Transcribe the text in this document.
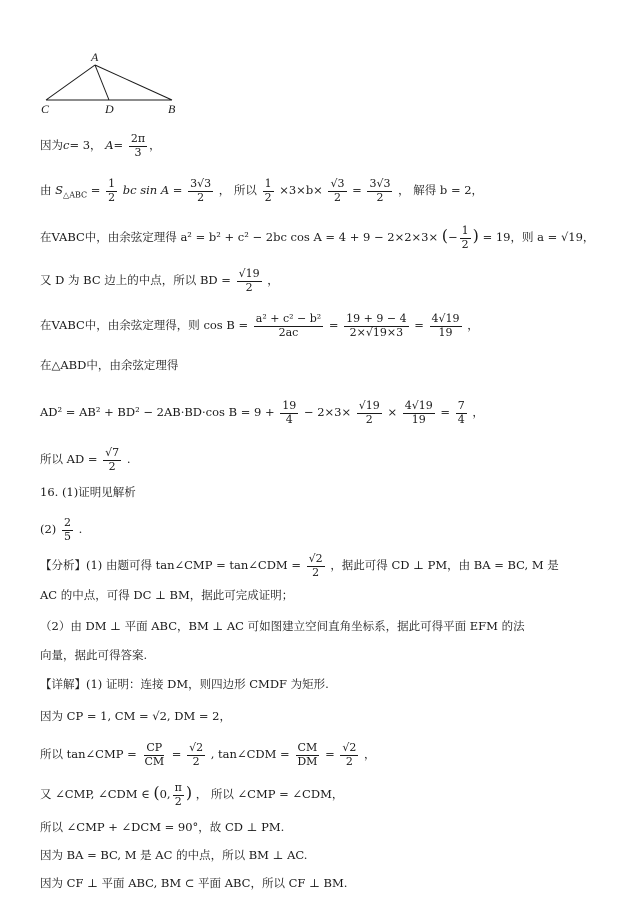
A
C	D	B
因为c= 3， $A= \frac{2\pi}{3}$ ，
由 $S_{\triangle ABC} = \frac{1}{2}$ bc $\sin A = \frac{3√3}{2}$ ， 所以 $\frac{1}{2} \times 3\times b\times \frac{√3}{2} = \frac{3√3}{2}$ ， 解得 b = 2，
在VABC中，由余弦定理得 a² = b² + c² − 2bc cos A = 4 + 9 − 2×2×3× (− $\frac{1}{2}$ ) = 19，则 a = √19，
又 D 为 BC 边上的中点，所以 BD = $\frac{√19}{2}$ ，
在VABC中，由余弦定理得，则 $\cos B = \frac{\text{a² + c² − b²}}{2ac} = \frac{19 + 9 - 4}{2\times√19\times 3} = \frac{4√19}{19}$ ，
在△ABD中，由余弦定理得
AD² = AB² + BD² − 2AB·BD·cos $B = 9 + \frac{19}{4} - 2\times 3\times \frac{√19}{2} \times \frac{4√19}{19} = \frac{7}{4}$ ，
所以 AD = $\frac{√7}{2}$ .
16. (1)证明见解析
$(2) \frac{2}{5}$ .
【分析】(1) 由题可得 tan∠CMP = tan∠CDM = $\frac{√2}{2}$ ，据此可得 CD ⊥ PM，由 BA = BC, M 是
AC 的中点，可得 DC ⊥ BM，据此可完成证明；
（2）由 DM ⊥ 平面 ABC，BM ⊥ AC 可如图建立空间直角坐标系，据此可得平面 EFM 的法
向量，据此可得答案.
【详解】(1) 证明：连接 DM，则四边形 CMDF 为矩形.
因为 CP = 1, CM = √2, DM = 2，
所以 tan∠CMP = $\frac{CP}{CM} = \frac{√2}{2}$ , tan∠CDM = $\frac{CM}{DM} = \frac{√2}{2}$ ，
又 ∠CMP, ∠CDM ∈ (0, $\frac{\pi}{2}$ ) ， 所以 ∠CMP = ∠CDM，
所以 ∠CMP + ∠DCM = 90°，故 CD ⊥ PM.
因为 BA = BC, M 是 AC 的中点，所以 BM ⊥ AC.
因为 CF ⊥ 平面 ABC, BM ⊂ 平面 ABC，所以 CF ⊥ BM.
